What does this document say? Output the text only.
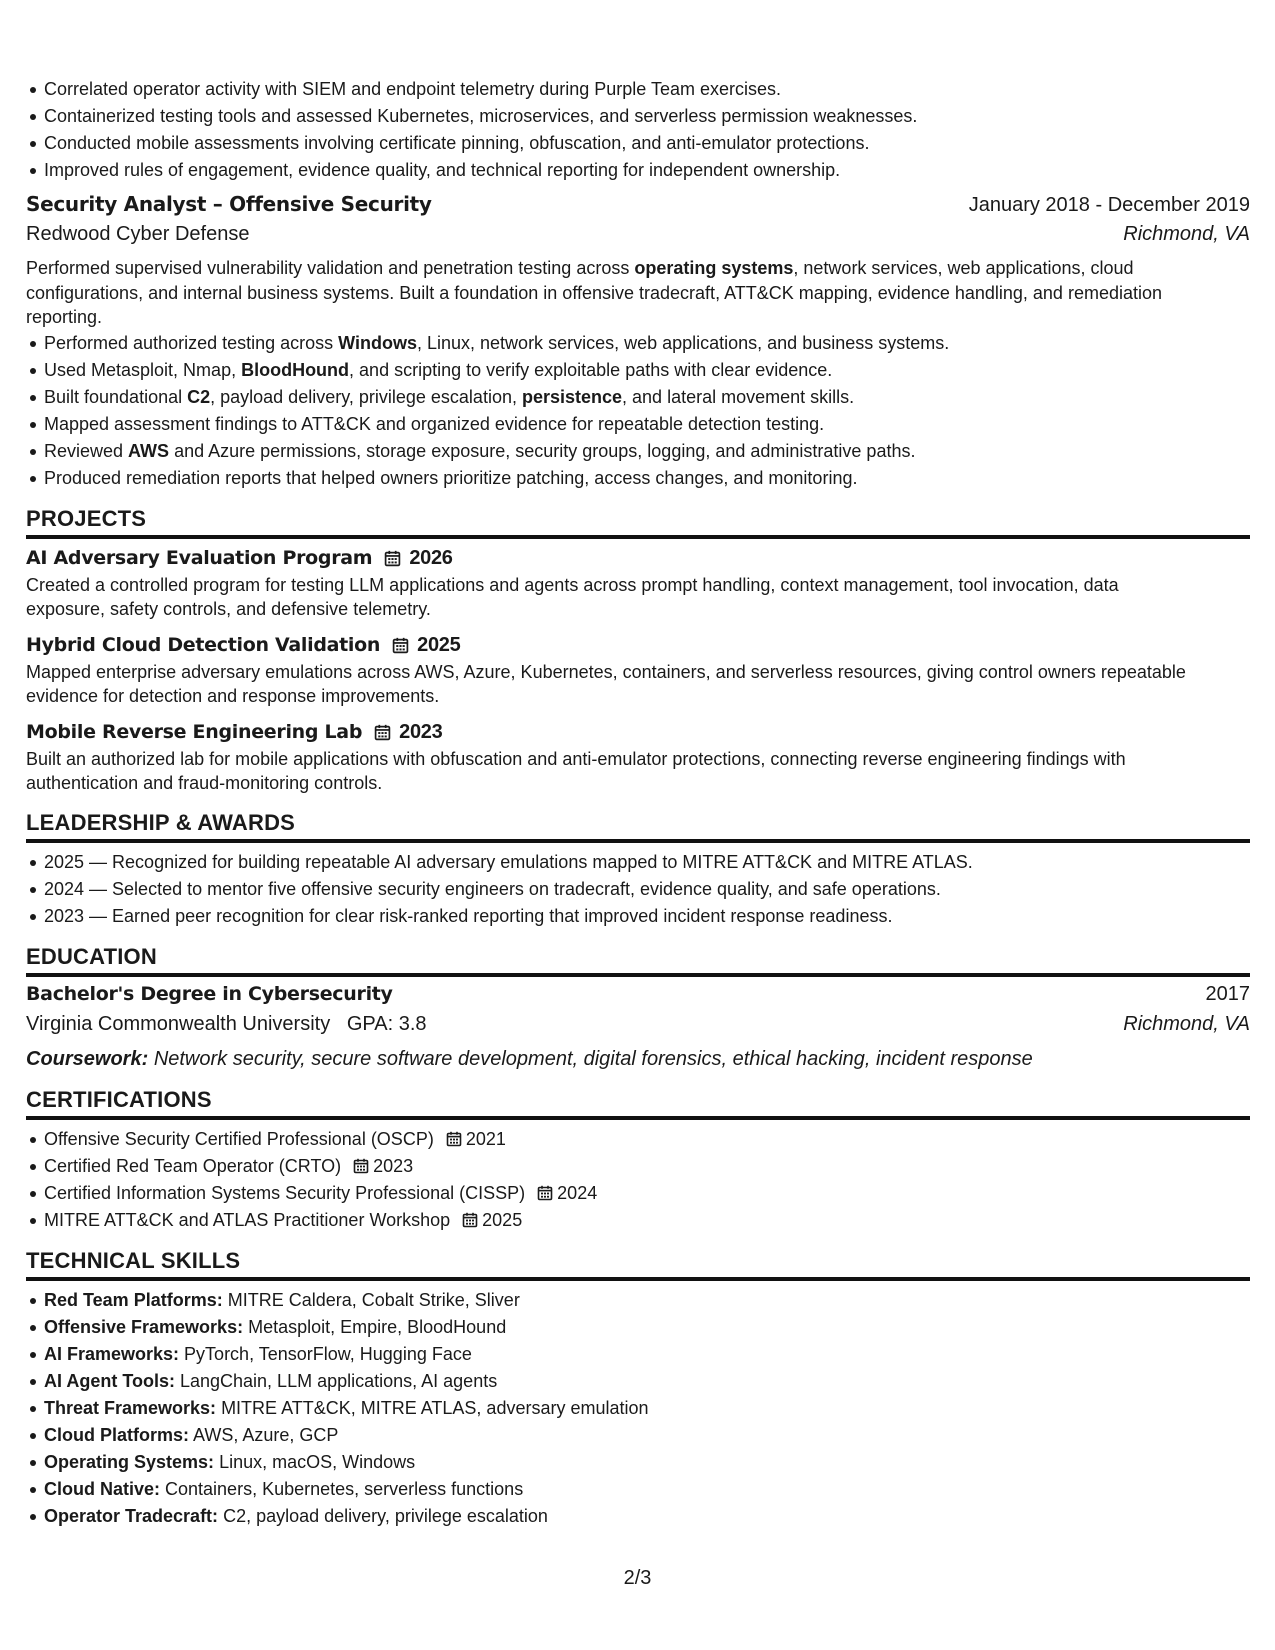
Correlated operator activity with SIEM and endpoint telemetry during Purple Team exercises.
Containerized testing tools and assessed Kubernetes, microservices, and serverless permission weaknesses.
Conducted mobile assessments involving certificate pinning, obfuscation, and anti-emulator protections.
Improved rules of engagement, evidence quality, and technical reporting for independent ownership.
Security Analyst – Offensive Security	January 2018 - December 2019
Redwood Cyber Defense	Richmond, VA

Performed supervised vulnerability validation and penetration testing across operating systems, network services, web applications, cloud
configurations, and internal business systems. Built a foundation in offensive tradecraft, ATT&CK mapping, evidence handling, and remediation
reporting.

Performed authorized testing across Windows, Linux, network services, web applications, and business systems.
Used Metasploit, Nmap, BloodHound, and scripting to verify exploitable paths with clear evidence.
Built foundational C2, payload delivery, privilege escalation, persistence, and lateral movement skills.
Mapped assessment findings to ATT&CK and organized evidence for repeatable detection testing.
Reviewed AWS and Azure permissions, storage exposure, security groups, logging, and administrative paths.
Produced remediation reports that helped owners prioritize patching, access changes, and monitoring.
PROJECTS
AI Adversary Evaluation Program 2026

Created a controlled program for testing LLM applications and agents across prompt handling, context management, tool invocation, data
exposure, safety controls, and defensive telemetry.

Hybrid Cloud Detection Validation 2025

Mapped enterprise adversary emulations across AWS, Azure, Kubernetes, containers, and serverless resources, giving control owners repeatable
evidence for detection and response improvements.

Mobile Reverse Engineering Lab 2023

Built an authorized lab for mobile applications with obfuscation and anti-emulator protections, connecting reverse engineering findings with
authentication and fraud-monitoring controls.

LEADERSHIP & AWARDS
2025 — Recognized for building repeatable AI adversary emulations mapped to MITRE ATT&CK and MITRE ATLAS.
2024 — Selected to mentor five offensive security engineers on tradecraft, evidence quality, and safe operations.
2023 — Earned peer recognition for clear risk-ranked reporting that improved incident response readiness.
EDUCATION
Bachelor's Degree in Cybersecurity	2017
Virginia Commonwealth University GPA: 3.8	Richmond, VA
Coursework: Network security, secure software development, digital forensics, ethical hacking, incident response
CERTIFICATIONS
Offensive Security Certified Professional (OSCP) 2021
Certified Red Team Operator (CRTO) 2023
Certified Information Systems Security Professional (CISSP) 2024
MITRE ATT&CK and ATLAS Practitioner Workshop 2025
TECHNICAL SKILLS
Red Team Platforms: MITRE Caldera, Cobalt Strike, Sliver
Offensive Frameworks: Metasploit, Empire, BloodHound
AI Frameworks: PyTorch, TensorFlow, Hugging Face
AI Agent Tools: LangChain, LLM applications, AI agents
Threat Frameworks: MITRE ATT&CK, MITRE ATLAS, adversary emulation
Cloud Platforms: AWS, Azure, GCP
Operating Systems: Linux, macOS, Windows
Cloud Native: Containers, Kubernetes, serverless functions
Operator Tradecraft: C2, payload delivery, privilege escalation
2/3
